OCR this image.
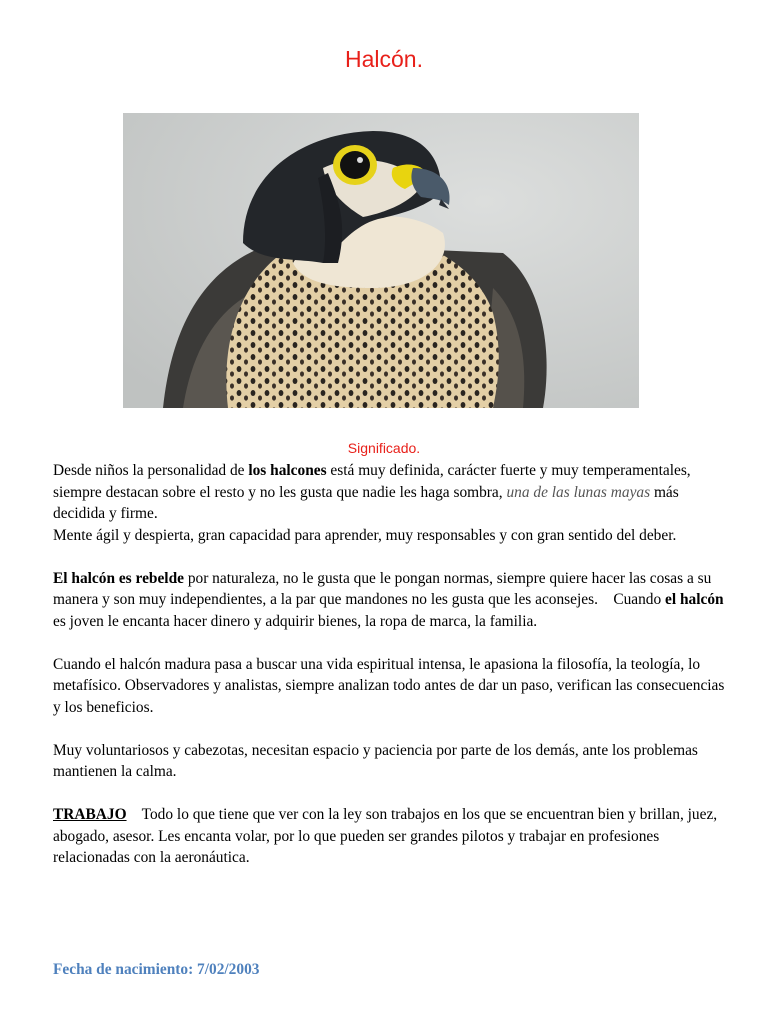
Halcón.
Significado.

Desde niños la personalidad de los halcones está muy definida, carácter fuerte y muy temperamentales, siempre destacan sobre el resto y no les gusta que nadie les haga sombra, una de las lunas mayas más decidida y firme.

Mente ágil y despierta, gran capacidad para aprender, muy responsables y con gran sentido del deber.

El halcón es rebelde por naturaleza, no le gusta que le pongan normas, siempre quiere hacer las cosas a su manera y son muy independientes, a la par que mandones no les gusta que les aconsejes.    Cuando el halcón es joven le encanta hacer dinero y adquirir bienes, la ropa de marca, la familia.

Cuando el halcón madura pasa a buscar una vida espiritual intensa, le apasiona la filosofía, la teología, lo metafísico. Observadores y analistas, siempre analizan todo antes de dar un paso, verifican las consecuencias y los beneficios.

Muy voluntariosos y cabezotas, necesitan espacio y paciencia por parte de los demás, ante los problemas mantienen la calma.

TRABAJO    Todo lo que tiene que ver con la ley son trabajos en los que se encuentran bien y brillan, juez, abogado, asesor. Les encanta volar, por lo que pueden ser grandes pilotos y trabajar en profesiones relacionadas con la aeronáutica.

Fecha de nacimiento: 7/02/2003
